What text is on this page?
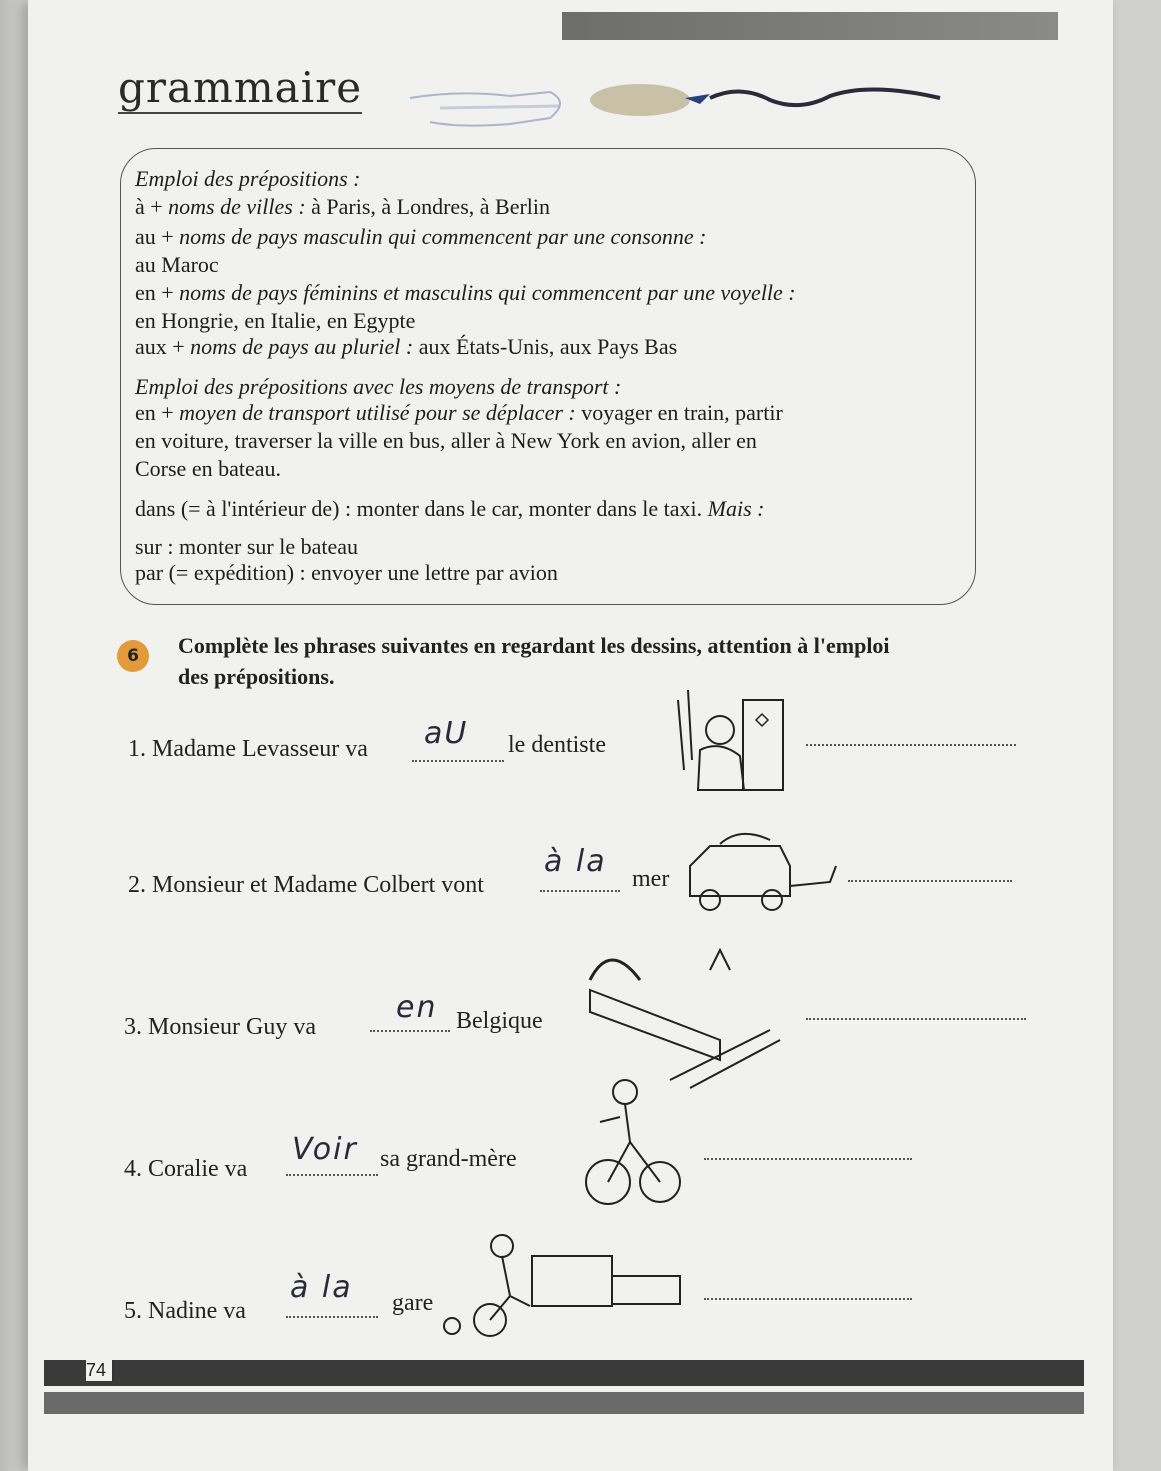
grammaire
Emploi des prépositions :
à + noms de villes : à Paris, à Londres, à Berlin
au + noms de pays masculin qui commencent par une consonne :
au Maroc
en + noms de pays féminins et masculins qui commencent par une voyelle :
en Hongrie, en Italie, en Egypte
aux + noms de pays au pluriel : aux États-Unis, aux Pays Bas
Emploi des prépositions avec les moyens de transport :
en + moyen de transport utilisé pour se déplacer : voyager en train, partir
en voiture, traverser la ville en bus, aller à New York en avion, aller en
Corse en bateau.
dans (= à l'intérieur de) : monter dans le car, monter dans le taxi. Mais :
sur : monter sur le bateau
par (= expédition) : envoyer une lettre par avion
6	Complète les phrases suivantes en regardant les dessins, attention à l'emploi
des prépositions.
1. Madame Levasseur va aU le dentiste
2. Monsieur et Madame Colbert vont
à la mer
3. Monsieur Guy va
en Belgique
4. Coralie va
Voir sa grand-mère
5. Nadine va
à la gare
74
